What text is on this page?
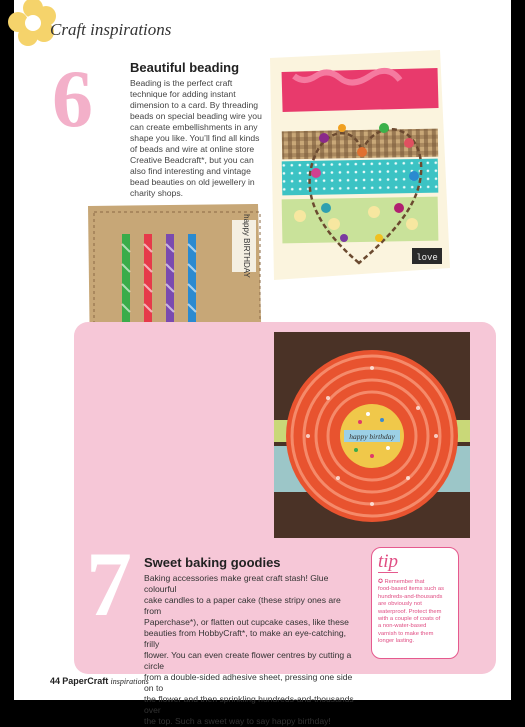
Craft inspirations
6	Beautiful beading
Beading is the perfect craft
technique for adding instant
dimension to a card. By threading
beads on special beading wire you
can create embellishments in any
shape you like. You’ll find all kinds
of beads and wire at online store
Creative Beadcraft*, but you can
also find interesting and vintage
bead beauties on old jewellery in
charity shops.
love
happy BIRTHDAY
happy birthday
7 Sweet baking goodies
Baking accessories make great craft stash! Glue colourful
cake candles to a paper cake (these stripy ones are from
Paperchase*), or flatten out cupcake cases, like these
beauties from HobbyCraft*, to make an eye-catching, frilly
flower. You can even create flower centres by cutting a circle
from a double-sided adhesive sheet, pressing one side on to
the flower and then sprinkling hundreds-and-thousands over
the top. Such a sweet way to say happy birthday!
tip
✪ Remember that
food-based items such as
hundreds-and-thousands
are obviously not
waterproof. Protect them
with a couple of coats of
a non-water-based
varnish to make them
longer lasting.
44 PaperCraft inspirations
